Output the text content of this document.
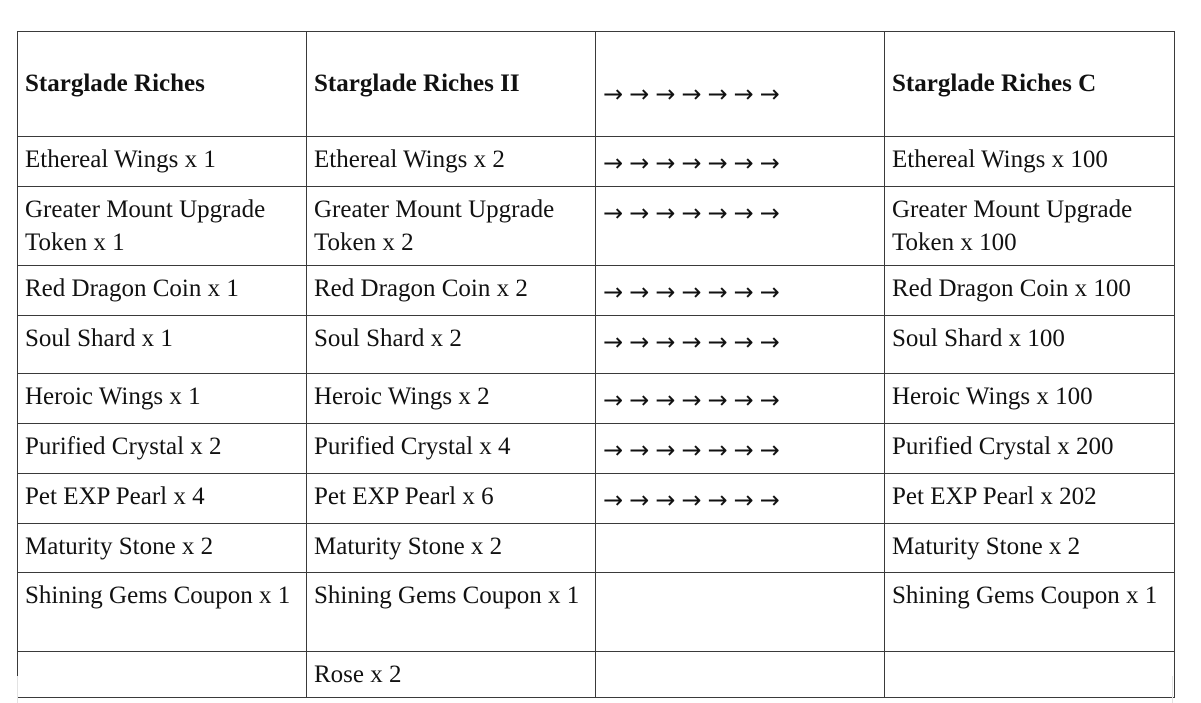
Starglade Riches	Starglade Riches II	→→→→→→→	Starglade Riches C
Ethereal Wings x 1	Ethereal Wings x 2	→→→→→→→	Ethereal Wings x 100
Greater Mount Upgrade Token x 1	Greater Mount Upgrade Token x 2	→→→→→→→	Greater Mount Upgrade Token x 100
Red Dragon Coin x 1	Red Dragon Coin x 2	→→→→→→→	Red Dragon Coin x 100
Soul Shard x 1	Soul Shard x 2	→→→→→→→	Soul Shard x 100
Heroic Wings x 1	Heroic Wings x 2	→→→→→→→	Heroic Wings x 100
Purified Crystal x 2	Purified Crystal x 4	→→→→→→→	Purified Crystal x 200
Pet EXP Pearl x 4	Pet EXP Pearl x 6	→→→→→→→	Pet EXP Pearl x 202
Maturity Stone x 2	Maturity Stone x 2		Maturity Stone x 2
Shining Gems Coupon x 1	Shining Gems Coupon x 1		Shining Gems Coupon x 1
	Rose x 2		
